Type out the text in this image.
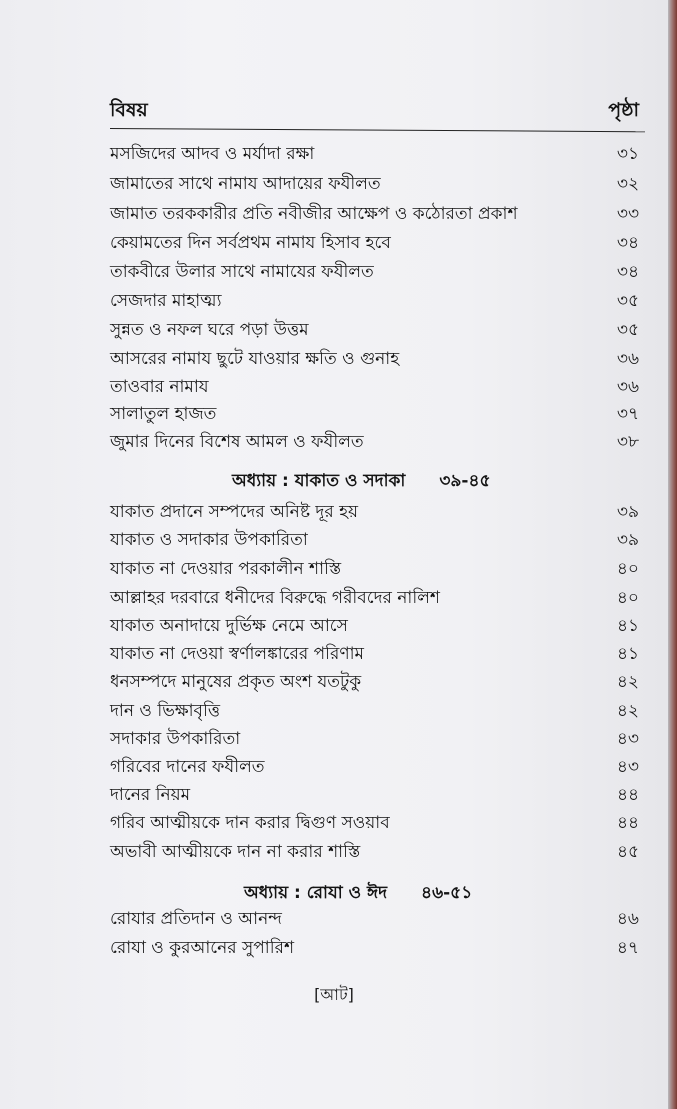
বিষয়	পৃষ্ঠা
মসজিদের আদব ও মর্যাদা রক্ষা	৩১
জামাতের সাথে নামায আদায়ের ফযীলত	৩২
জামাত তরককারীর প্রতি নবীজীর আক্ষেপ ও কঠোরতা প্রকাশ	৩৩
কেয়ামতের দিন সর্বপ্রথম নামায হিসাব হবে	৩৪
তাকবীরে উলার সাথে নামাযের ফযীলত	৩৪
সেজদার মাহাত্ম্য	৩৫
সুন্নত ও নফল ঘরে পড়া উত্তম	৩৫
আসরের নামায ছুটে যাওয়ার ক্ষতি ও গুনাহ	৩৬
তাওবার নামায	৩৬
সালাতুল হাজত	৩৭
জুমার দিনের বিশেষ আমল ও ফযীলত	৩৮
অধ্যায় : যাকাত ও সদাকা ৩৯-৪৫
যাকাত প্রদানে সম্পদের অনিষ্ট দূর হয়	৩৯
যাকাত ও সদাকার উপকারিতা	৩৯
যাকাত না দেওয়ার পরকালীন শাস্তি	৪০
আল্লাহর দরবারে ধনীদের বিরুদ্ধে গরীবদের নালিশ	৪০
যাকাত অনাদায়ে দুর্ভিক্ষ নেমে আসে	৪১
যাকাত না দেওয়া স্বর্ণালঙ্কারের পরিণাম	৪১
ধনসম্পদে মানুষের প্রকৃত অংশ যতটুকু	৪২
দান ও ভিক্ষাবৃত্তি	৪২
সদাকার উপকারিতা	৪৩
গরিবের দানের ফযীলত	৪৩
দানের নিয়ম	৪৪
গরিব আত্মীয়কে দান করার দ্বিগুণ সওয়াব	৪৪
অভাবী আত্মীয়কে দান না করার শাস্তি	৪৫
অধ্যায় : রোযা ও ঈদ ৪৬-৫১
রোযার প্রতিদান ও আনন্দ	৪৬
রোযা ও কুরআনের সুপারিশ	৪৭
[আট]
